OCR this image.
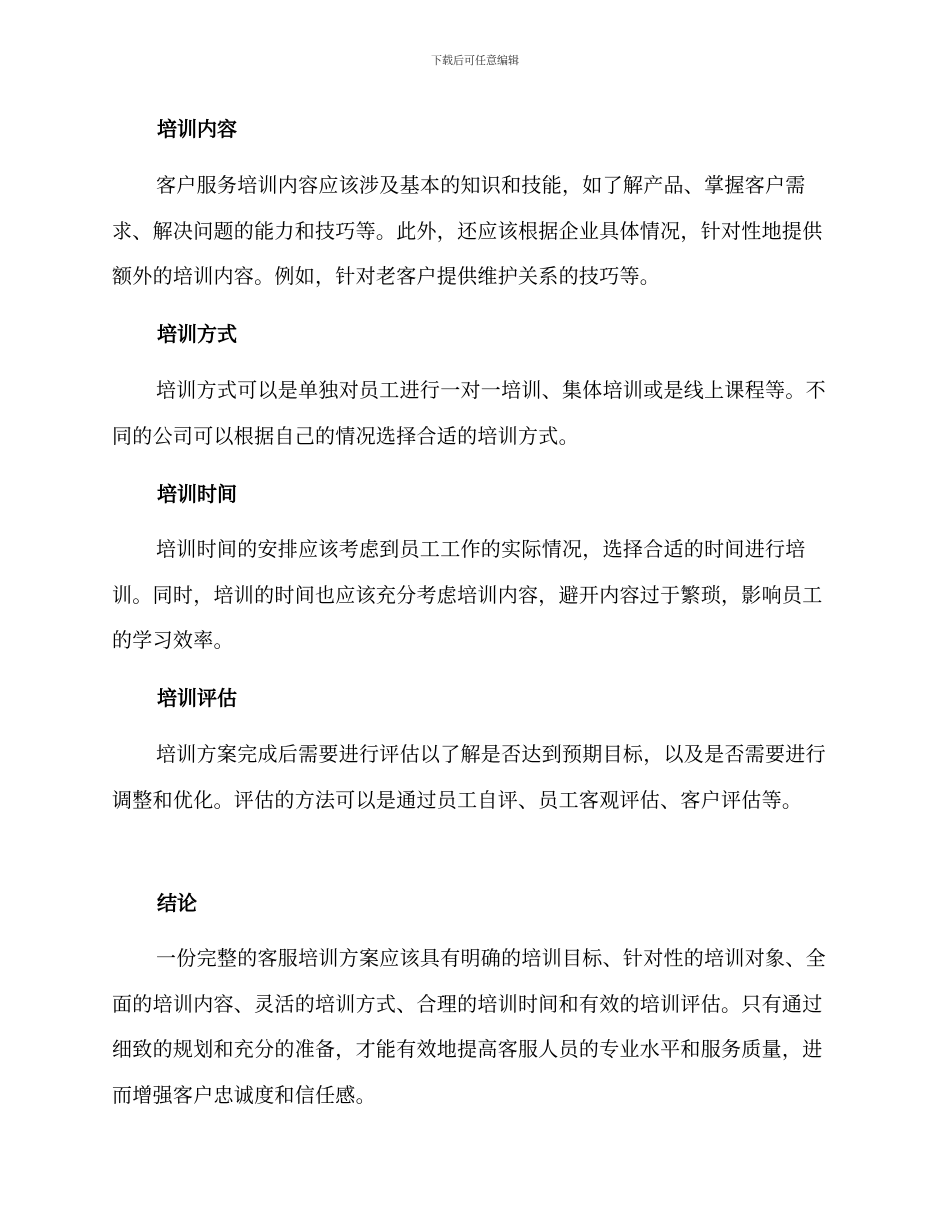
下载后可任意编辑
培训内容

客户服务培训内容应该涉及基本的知识和技能，如了解产品、掌握客户需求、解决问题的能力和技巧等。此外，还应该根据企业具体情况，针对性地提供额外的培训内容。例如，针对老客户提供维护关系的技巧等。

培训方式

培训方式可以是单独对员工进行一对一培训、集体培训或是线上课程等。不同的公司可以根据自己的情况选择合适的培训方式。

培训时间

培训时间的安排应该考虑到员工工作的实际情况，选择合适的时间进行培训。同时，培训的时间也应该充分考虑培训内容，避开内容过于繁琐，影响员工的学习效率。

培训评估

培训方案完成后需要进行评估以了解是否达到预期目标，以及是否需要进行调整和优化。评估的方法可以是通过员工自评、员工客观评估、客户评估等。

结论

一份完整的客服培训方案应该具有明确的培训目标、针对性的培训对象、全面的培训内容、灵活的培训方式、合理的培训时间和有效的培训评估。只有通过细致的规划和充分的准备，才能有效地提高客服人员的专业水平和服务质量，进而增强客户忠诚度和信任感。
